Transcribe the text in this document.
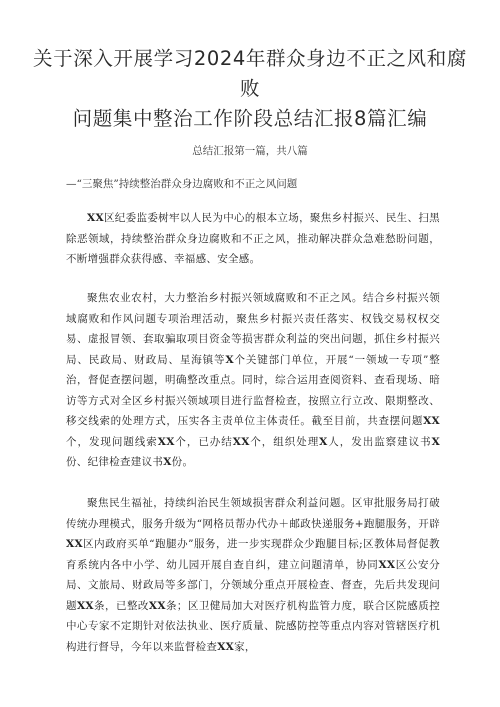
关于深入开展学习2024年群众身边不正之风和腐败
问题集中整治工作阶段总结汇报8篇汇编
总结汇报第一篇，共八篇
—“三聚焦”持续整治群众身边腐败和不正之风问题

XX区纪委监委树牢以人民为中心的根本立场，聚焦乡村振兴、民生、扫黑除恶领域，持续整治群众身边腐败和不正之风，推动解决群众急难愁盼问题，不断增强群众获得感、幸福感、安全感。

聚焦农业农村，大力整治乡村振兴领域腐败和不正之风。结合乡村振兴领域腐败和作风问题专项治理活动，聚焦乡村振兴责任落实、权钱交易权权交易、虚报冒领、套取骗取项目资金等损害群众利益的突出问题，抓住乡村振兴局、民政局、财政局、星海镇等X个关键部门单位，开展“一领域一专项”整治，督促查摆问题，明确整改重点。同时，综合运用查阅资料、查看现场、暗访等方式对全区乡村振兴领域项目进行监督检查，按照立行立改、限期整改、移交线索的处理方式，压实各主责单位主体责任。截至目前，共查摆问题XX个，发现问题线索XX个，已办结XX个，组织处理X人，发出监察建议书X份、纪律检查建议书X份。

聚焦民生福祉，持续纠治民生领域损害群众利益问题。区审批服务局打破传统办理模式，服务升级为“网格员帮办代办＋邮政快递服务+跑腿服务，开辟XX区内政府买单“跑腿办”服务，进一步实现群众少跑腿目标;区教体局督促教育系统内各中小学、幼儿园开展自查自纠，建立问题清单，协同XX区公安分局、文旅局、财政局等多部门，分领域分重点开展检查、督查，先后共发现问题XX条，已整改XX条；区卫健局加大对医疗机构监管力度，联合区院感质控中心专家不定期针对依法执业、医疗质量、院感防控等重点内容对管辖医疗机构进行督导，今年以来监督检查XX家，
